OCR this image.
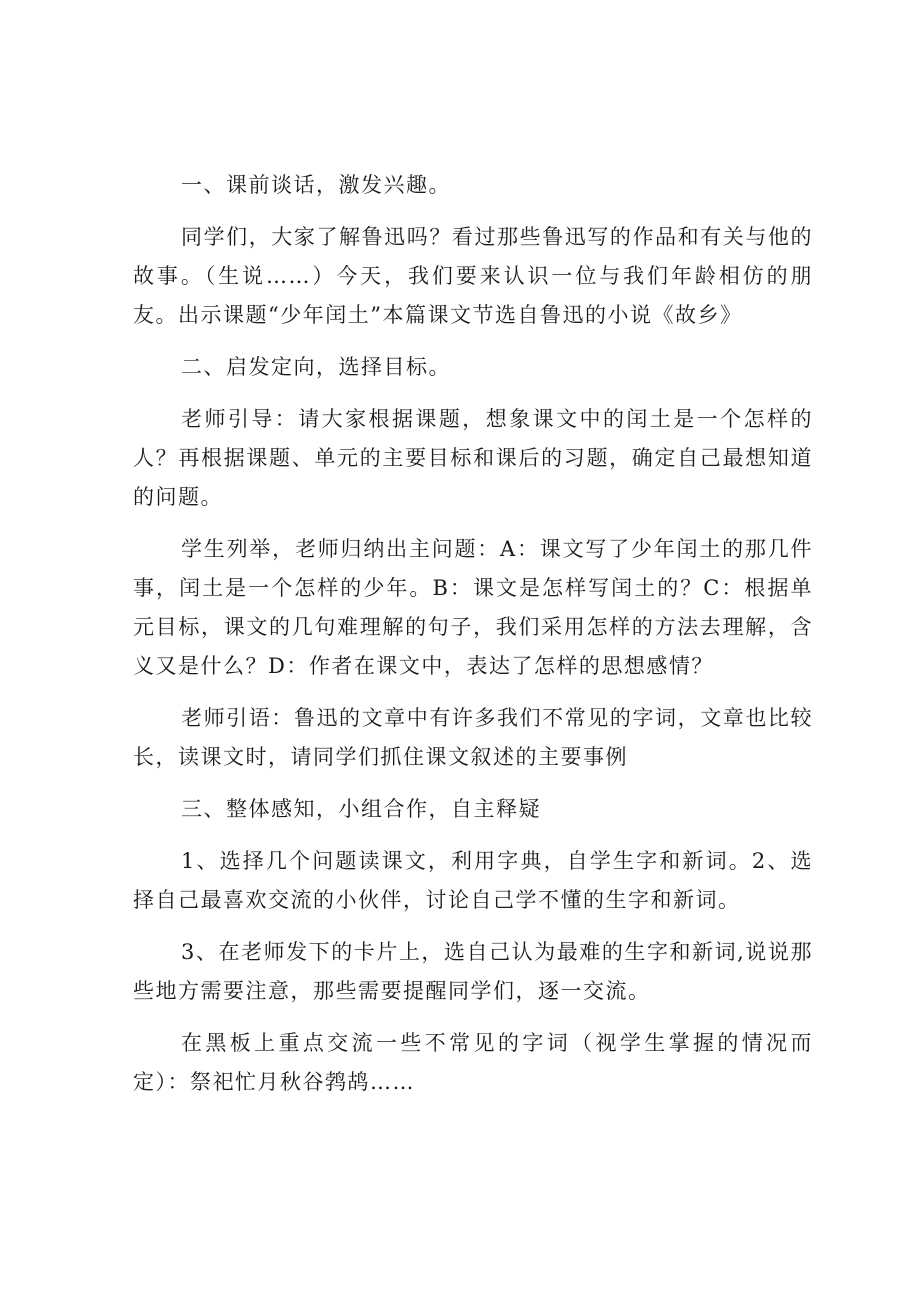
一、课前谈话，激发兴趣。

同学们，大家了解鲁迅吗？看过那些鲁迅写的作品和有关与他的故事。（生说……）今天，我们要来认识一位与我们年龄相仿的朋友。出示课题“少年闰土”本篇课文节选自鲁迅的小说《故乡》

二、启发定向，选择目标。

老师引导：请大家根据课题，想象课文中的闰土是一个怎样的人？再根据课题、单元的主要目标和课后的习题，确定自己最想知道的问题。

学生列举，老师归纳出主问题：A：课文写了少年闰土的那几件事，闰土是一个怎样的少年。B：课文是怎样写闰土的？C：根据单元目标，课文的几句难理解的句子，我们采用怎样的方法去理解，含义又是什么？D：作者在课文中，表达了怎样的思想感情？

老师引语：鲁迅的文章中有许多我们不常见的字词，文章也比较长，读课文时，请同学们抓住课文叙述的主要事例

三、整体感知，小组合作，自主释疑

1、选择几个问题读课文，利用字典，自学生字和新词。2、选择自己最喜欢交流的小伙伴，讨论自己学不懂的生字和新词。

3、在老师发下的卡片上，选自己认为最难的生字和新词,说说那些地方需要注意，那些需要提醒同学们，逐一交流。

在黑板上重点交流一些不常见的字词（视学生掌握的情况而定）：祭祀忙月秋谷鹁鸪……
